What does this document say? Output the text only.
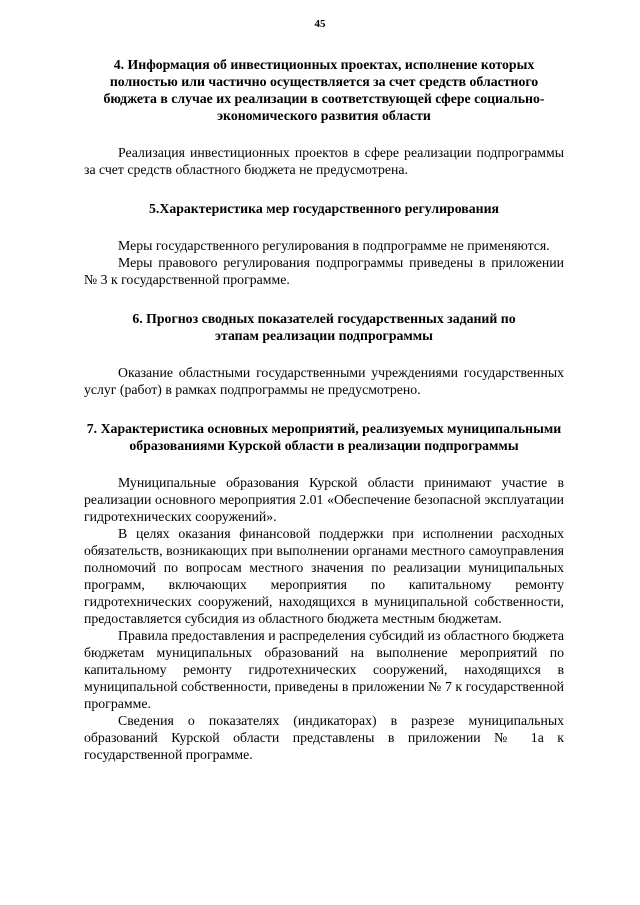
45
4. Информация об инвестиционных проектах, исполнение которых полностью или частично осуществляется за счет средств областного бюджета в случае их реализации в соответствующей сфере социально-экономического развития области

Реализация инвестиционных проектов в сфере реализации подпрограммы за счет средств областного бюджета не предусмотрена.

5.Характеристика мер государственного регулирования

Меры государственного регулирования в подпрограмме не применяются.

Меры правового регулирования подпрограммы приведены в приложении № 3 к государственной программе.

6. Прогноз сводных показателей государственных заданий по этапам реализации подпрограммы

Оказание областными государственными учреждениями государственных услуг (работ) в рамках подпрограммы не предусмотрено.

7. Характеристика основных мероприятий, реализуемых муниципальными образованиями Курской области в реализации подпрограммы

Муниципальные образования Курской области принимают участие в реализации основного мероприятия 2.01 «Обеспечение безопасной эксплуатации гидротехнических сооружений».

В целях оказания финансовой поддержки при исполнении расходных обязательств, возникающих при выполнении органами местного самоуправления полномочий по вопросам местного значения по реализации муниципальных программ, включающих мероприятия по капитальному ремонту гидротехнических сооружений, находящихся в муниципальной собственности, предоставляется субсидия из областного бюджета местным бюджетам.

Правила предоставления и распределения субсидий из областного бюджета бюджетам муниципальных образований на выполнение мероприятий по капитальному ремонту гидротехнических сооружений, находящихся в муниципальной собственности, приведены в приложении № 7 к государственной программе.

Сведения о показателях (индикаторах) в разрезе муниципальных образований Курской области представлены в приложении № 1а к государственной программе.
